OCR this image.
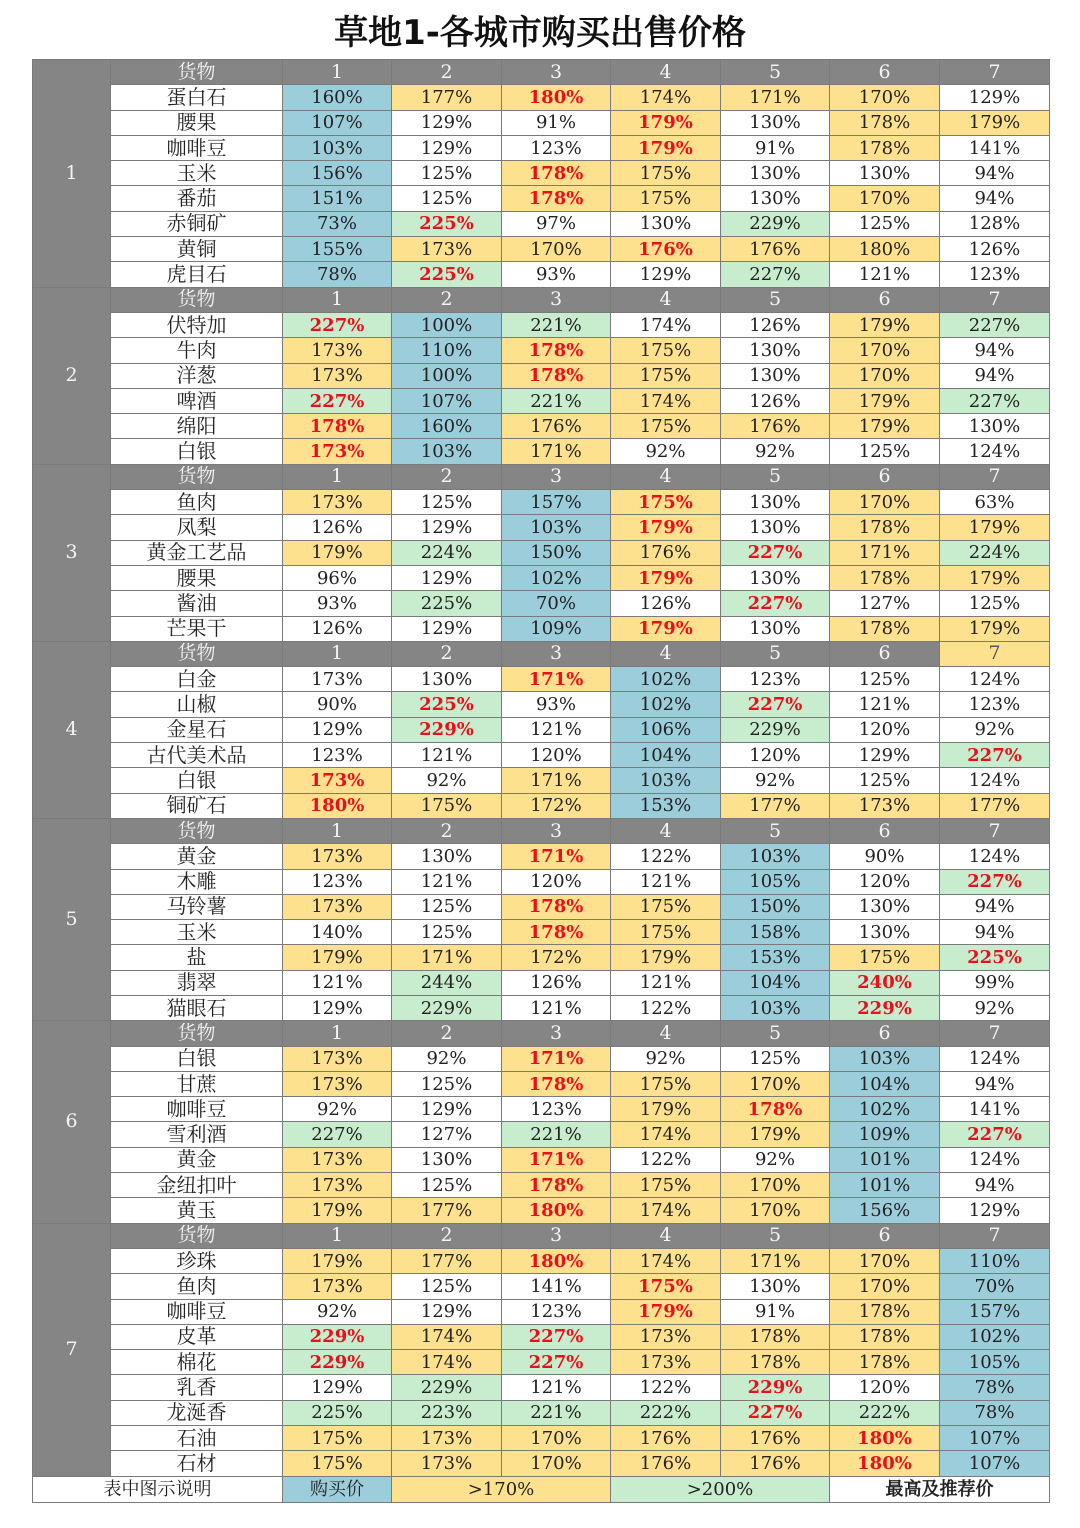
草地1-各城市购买出售价格
1	货物	1	2	3	4	5	6	7
	蛋白石	160%	177%	180%	174%	171%	170%	129%
	腰果	107%	129%	91%	179%	130%	178%	179%
	咖啡豆	103%	129%	123%	179%	91%	178%	141%
	玉米	156%	125%	178%	175%	130%	130%	94%
	番茄	151%	125%	178%	175%	130%	170%	94%
	赤铜矿	73%	225%	97%	130%	229%	125%	128%
	黄铜	155%	173%	170%	176%	176%	180%	126%
	虎目石	78%	225%	93%	129%	227%	121%	123%
2	货物	1	2	3	4	5	6	7
	伏特加	227%	100%	221%	174%	126%	179%	227%
	牛肉	173%	110%	178%	175%	130%	170%	94%
	洋葱	173%	100%	178%	175%	130%	170%	94%
	啤酒	227%	107%	221%	174%	126%	179%	227%
	绵阳	178%	160%	176%	175%	176%	179%	130%
	白银	173%	103%	171%	92%	92%	125%	124%
3	货物	1	2	3	4	5	6	7
	鱼肉	173%	125%	157%	175%	130%	170%	63%
	凤梨	126%	129%	103%	179%	130%	178%	179%
	黄金工艺品	179%	224%	150%	176%	227%	171%	224%
	腰果	96%	129%	102%	179%	130%	178%	179%
	酱油	93%	225%	70%	126%	227%	127%	125%
	芒果干	126%	129%	109%	179%	130%	178%	179%
4	货物	1	2	3	4	5	6	7
	白金	173%	130%	171%	102%	123%	125%	124%
	山椒	90%	225%	93%	102%	227%	121%	123%
	金星石	129%	229%	121%	106%	229%	120%	92%
	古代美术品	123%	121%	120%	104%	120%	129%	227%
	白银	173%	92%	171%	103%	92%	125%	124%
	铜矿石	180%	175%	172%	153%	177%	173%	177%
5	货物	1	2	3	4	5	6	7
	黄金	173%	130%	171%	122%	103%	90%	124%
	木雕	123%	121%	120%	121%	105%	120%	227%
	马铃薯	173%	125%	178%	175%	150%	130%	94%
	玉米	140%	125%	178%	175%	158%	130%	94%
	盐	179%	171%	172%	179%	153%	175%	225%
	翡翠	121%	244%	126%	121%	104%	240%	99%
	猫眼石	129%	229%	121%	122%	103%	229%	92%
6	货物	1	2	3	4	5	6	7
	白银	173%	92%	171%	92%	125%	103%	124%
	甘蔗	173%	125%	178%	175%	170%	104%	94%
	咖啡豆	92%	129%	123%	179%	178%	102%	141%
	雪利酒	227%	127%	221%	174%	179%	109%	227%
	黄金	173%	130%	171%	122%	92%	101%	124%
	金纽扣叶	173%	125%	178%	175%	170%	101%	94%
	黄玉	179%	177%	180%	174%	170%	156%	129%
7	货物	1	2	3	4	5	6	7
	珍珠	179%	177%	180%	174%	171%	170%	110%
	鱼肉	173%	125%	141%	175%	130%	170%	70%
	咖啡豆	92%	129%	123%	179%	91%	178%	157%
	皮革	229%	174%	227%	173%	178%	178%	102%
	棉花	229%	174%	227%	173%	178%	178%	105%
	乳香	129%	229%	121%	122%	229%	120%	78%
	龙涎香	225%	223%	221%	222%	227%	222%	78%
	石油	175%	173%	170%	176%	176%	180%	107%
	石材	175%	173%	170%	176%	176%	180%	107%
表中图示说明		购买价	>170%		>200%		最高及推荐价	
